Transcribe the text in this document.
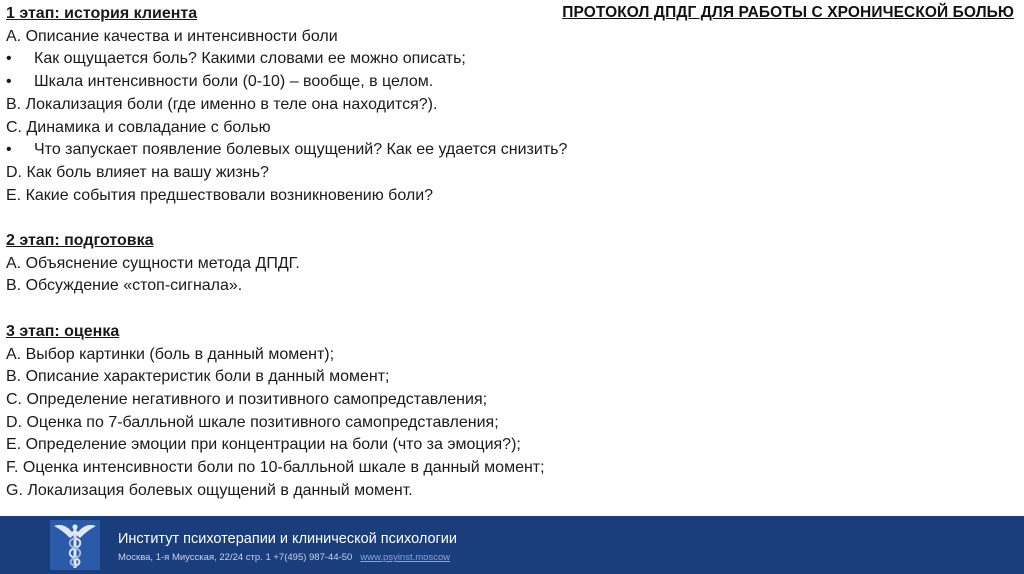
ПРОТОКОЛ ДПДГ ДЛЯ РАБОТЫ С ХРОНИЧЕСКОЙ БОЛЬЮ
1 этап: история клиента
A. Описание качества и интенсивности боли
•	Как ощущается боль? Какими словами ее можно описать;
•	Шкала интенсивности боли (0-10) – вообще, в целом.
B. Локализация боли (где именно в теле она находится?).
C. Динамика и совладание с болью
•	Что запускает появление болевых ощущений? Как ее удается снизить?
D. Как боль влияет на вашу жизнь?
E. Какие события предшествовали возникновению боли?
2 этап: подготовка
A. Объяснение сущности метода ДПДГ.
B. Обсуждение «стоп-сигнала».
3 этап: оценка
A. Выбор картинки (боль в данный момент);
B. Описание характеристик боли в данный момент;
C. Определение негативного и позитивного самопредставления;
D. Оценка по 7-балльной шкале позитивного самопредставления;
E. Определение эмоции при концентрации на боли (что за эмоция?);
F. Оценка интенсивности боли по 10-балльной шкале в данный момент;
G. Локализация болевых ощущений в данный момент.
Институт психотерапии и клинической психологии
Москва, 1-я Миусская, 22/24 стр. 1 +7(495) 987-44-50 www.psyinst.moscow
